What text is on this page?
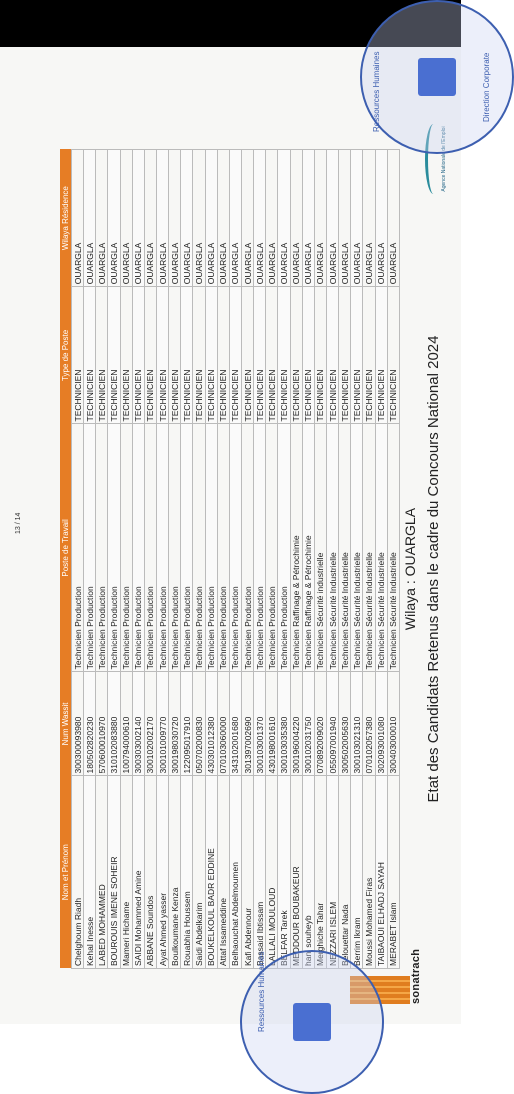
sonatrach
Etat des Candidats Retenus dans le cadre du Concours National 2024
Wilaya : OUARGLA
Agence Nationale de l'Emploi
Nom et Prénom	Num Wassit	Poste de Travail	Type de Poste	Wilaya Résidence
Chelghoum Riadh	300300093980	Technicien Production	TECHNICIEN	OUARGLA
Kehal Inesse	180502820230	Technicien Production	TECHNICIEN	OUARGLA
LABED MOHAMMED	570600010970	Technicien Production	TECHNICIEN	OUARGLA
BOUROUIS IMENE SOHEIR	310102083880	Technicien Production	TECHNICIEN	OUARGLA
Mameri Hichame	100794000610	Technicien Production	TECHNICIEN	OUARGLA
SAIDI Mohammed Amine	300303002140	Technicien Production	TECHNICIEN	OUARGLA
ABBANE Soundos	300102002170	Technicien Production	TECHNICIEN	OUARGLA
Ayat Ahmed yasser	300101009770	Technicien Production	TECHNICIEN	OUARGLA
Boulkoumane Kenza	300198030720	Technicien Production	TECHNICIEN	OUARGLA
Rouabhia Houssem	122095017910	Technicien Production	TECHNICIEN	OUARGLA
Saidi Abdelkarim	050702000830	Technicien Production	TECHNICIEN	OUARGLA
BOUKELKOUL BADR EDDINE	430301012380	Technicien Production	TECHNICIEN	OUARGLA
Attaf Issameddine	070103060000	Technicien Production	TECHNICIEN	OUARGLA
Belhaouchat Abdelmoumen	343102001680	Technicien Production	TECHNICIEN	OUARGLA
Kafi Abdennour	301397002690	Technicien Production	TECHNICIEN	OUARGLA
Bassaid Ibtissam	300103001370	Technicien Production	TECHNICIEN	OUARGLA
LALLALI MOULOUD	430198001610	Technicien Production	TECHNICIEN	OUARGLA
BELFAR Tarek	300103035380	Technicien Production	TECHNICIEN	OUARGLA
MEDDOUR BOUBAKEUR	300196004220	Technicien Raffinage & Pétrochimie	TECHNICIEN	OUARGLA
hani souheyb	300102031750	Technicien Raffinage & Pétrochimie	TECHNICIEN	OUARGLA
Merghiche Tahar	070892009020	Technicien Sécurité industrielle	TECHNICIEN	OUARGLA
NEZZARI ISLEM	055097001940	Technicien Sécurité Industrielle	TECHNICIEN	OUARGLA
Belouettar Nada	300502005630	Technicien Sécurité Industrielle	TECHNICIEN	OUARGLA
Berrim Ikram	300103021310	Technicien Sécurité Industrielle	TECHNICIEN	OUARGLA
Moussi Mohamed Firas	070102057380	Technicien Sécurité Industrielle	TECHNICIEN	OUARGLA
TAIBAOUI ELHADJ SAYAH	302093001080	Technicien Sécurité Industrielle	TECHNICIEN	OUARGLA
MERABET Islam	300403000010	Technicien Sécurité Industrielle	TECHNICIEN	OUARGLA
13 / 14
Ressources Humaines	Direction Corporate
Ressources Humaines
